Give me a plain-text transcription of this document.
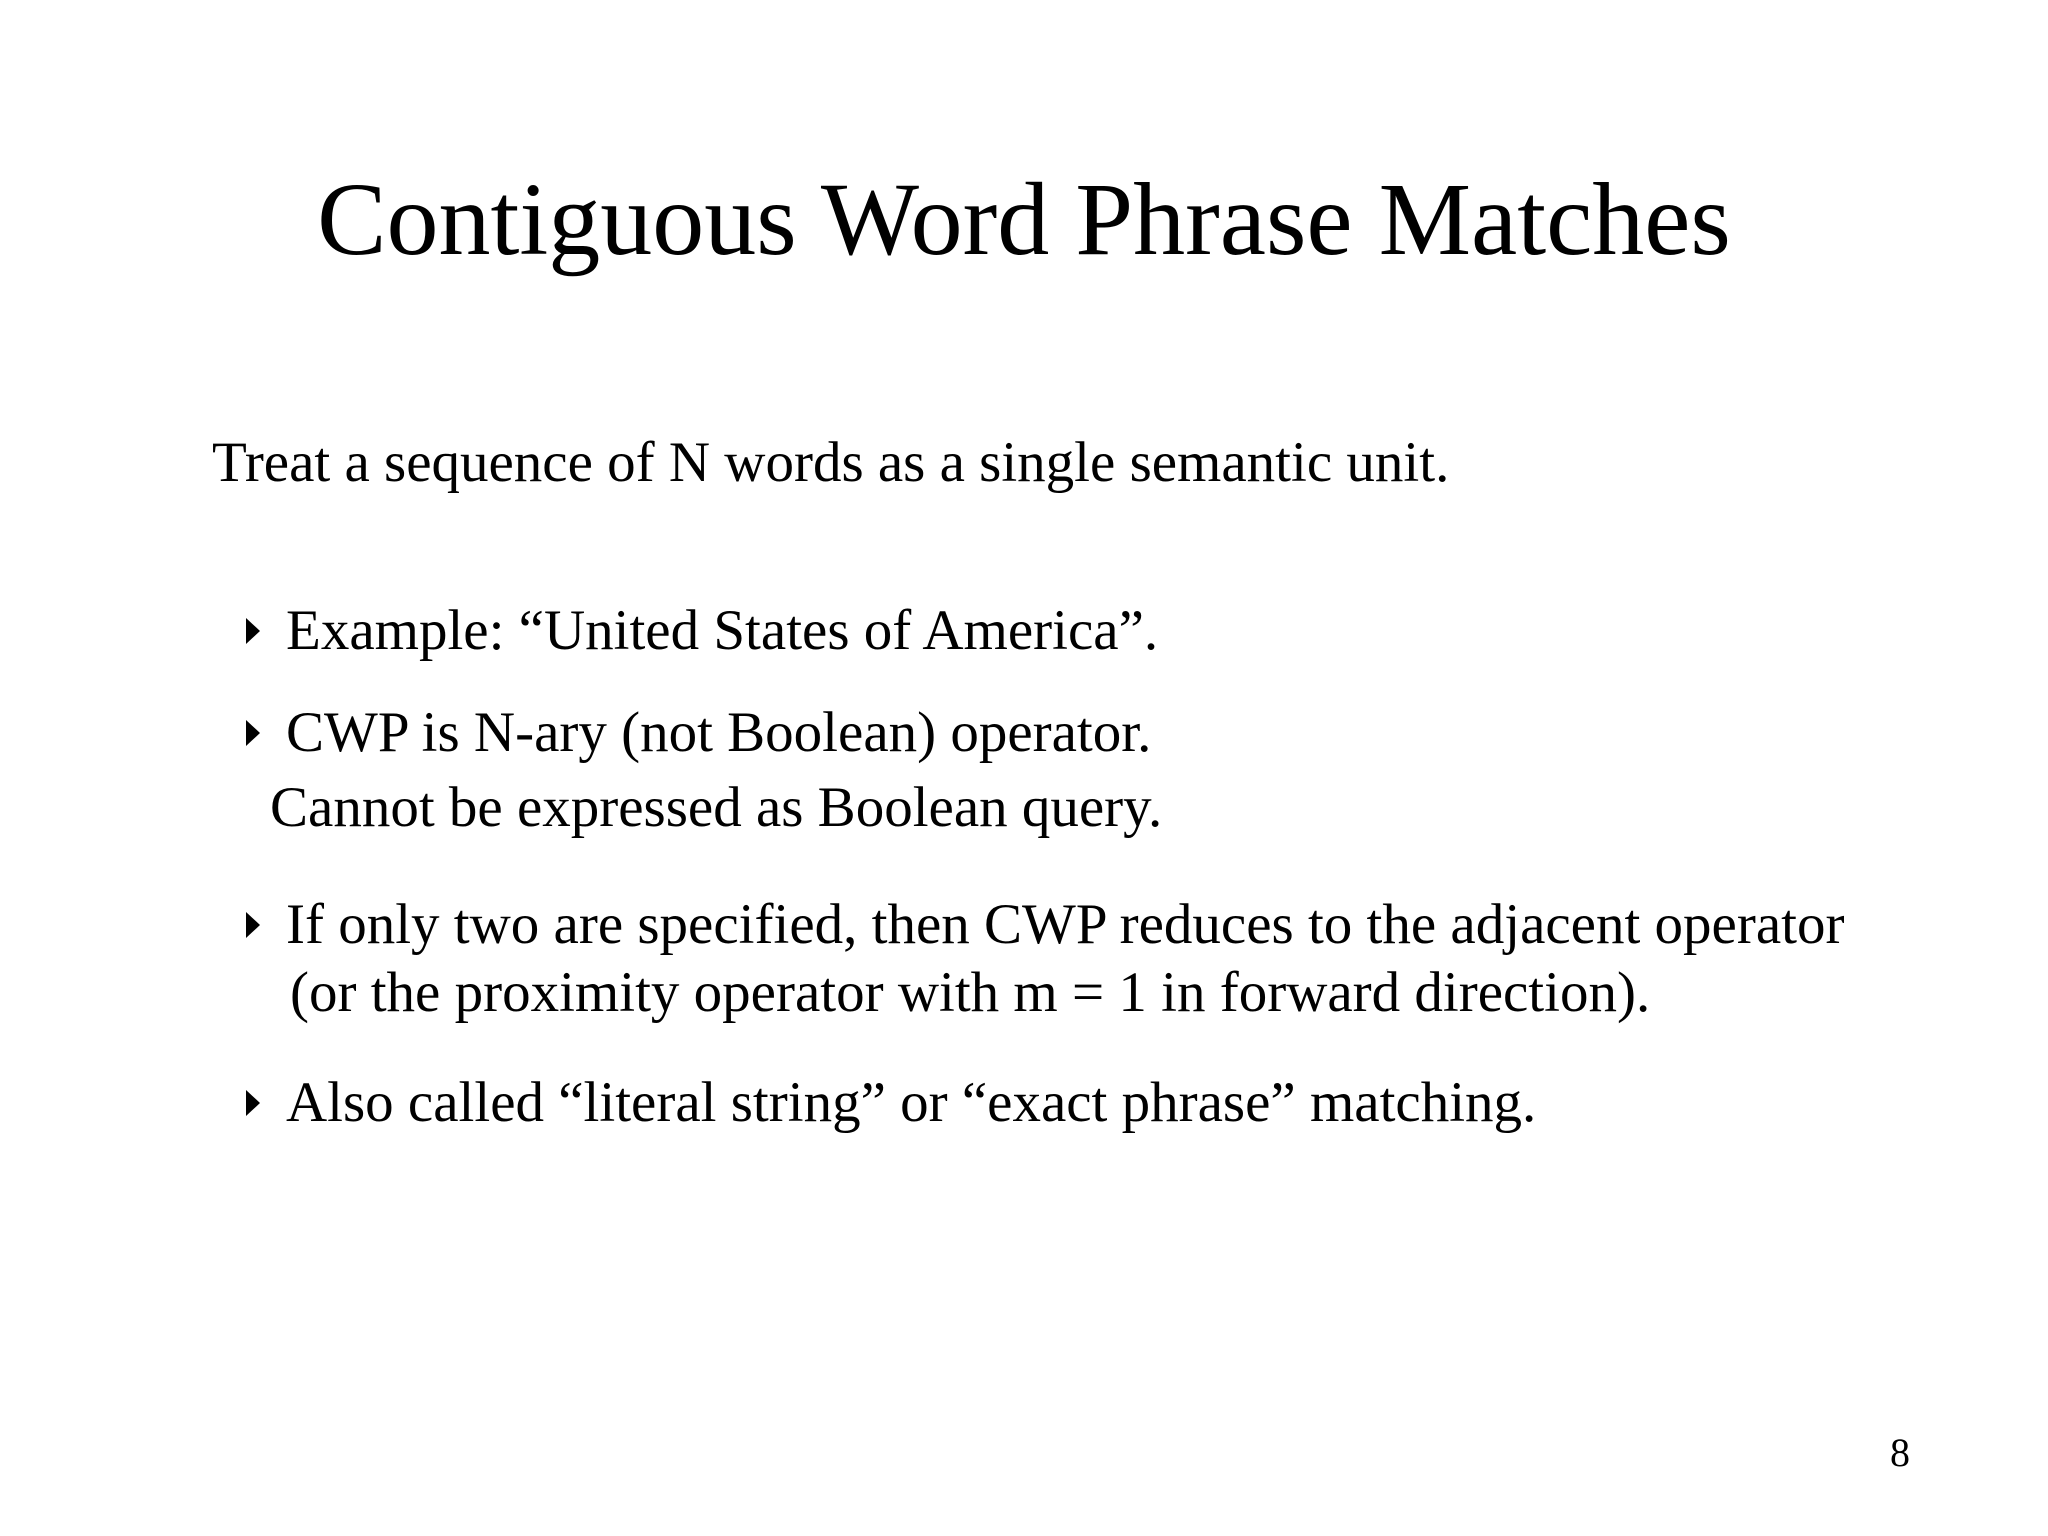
Contiguous Word Phrase Matches
Treat a sequence of N words as a single semantic unit.
Example: “United States of America”.
CWP is N-ary (not Boolean) operator.
Cannot be expressed as Boolean query.
If only two are specified, then CWP reduces to the adjacent operator
(or the proximity operator with m = 1 in forward direction).
Also called “literal string” or “exact phrase” matching.
8
